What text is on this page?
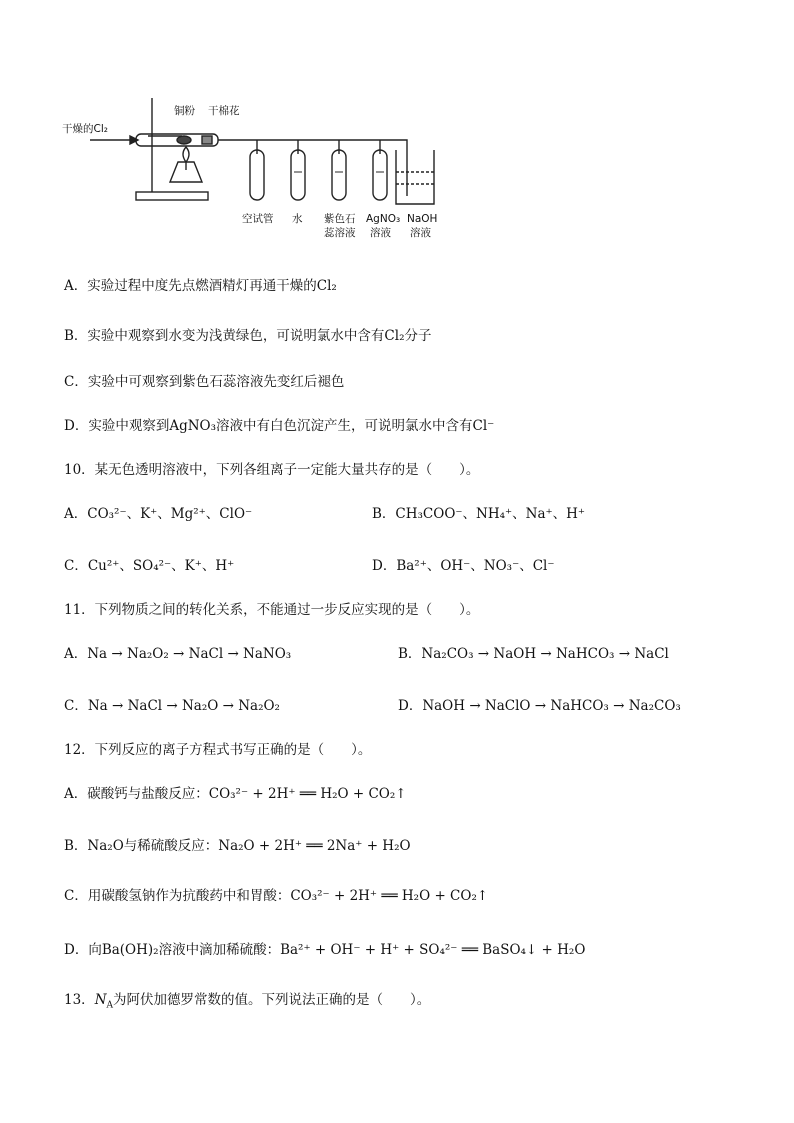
干燥的Cl₂
铜粉 干棉花
空试管 水 紫色石
蕊溶液
AgNO₃
溶液
NaOH
溶液
A．实验过程中度先点燃酒精灯再通干燥的Cl₂
B．实验中观察到水变为浅黄绿色，可说明氯水中含有Cl₂分子
C．实验中可观察到紫色石蕊溶液先变红后褪色
D．实验中观察到AgNO₃溶液中有白色沉淀产生，可说明氯水中含有Cl⁻
10．某无色透明溶液中，下列各组离子一定能大量共存的是（　　）。
A．CO₃²⁻、K⁺、Mg²⁺、ClO⁻	B．CH₃COO⁻、NH₄⁺、Na⁺、H⁺
C．Cu²⁺、SO₄²⁻、K⁺、H⁺	D．Ba²⁺、OH⁻、NO₃⁻、Cl⁻
11．下列物质之间的转化关系，不能通过一步反应实现的是（　　）。
A．Na → Na₂O₂ → NaCl → NaNO₃	B．Na₂CO₃ → NaOH → NaHCO₃ → NaCl
C．Na → NaCl → Na₂O → Na₂O₂	D．NaOH → NaClO → NaHCO₃ → Na₂CO₃
12．下列反应的离子方程式书写正确的是（　　）。
A．碳酸钙与盐酸反应：CO₃²⁻ + 2H⁺ ══ H₂O + CO₂↑
B．Na₂O与稀硫酸反应：Na₂O + 2H⁺ ══ 2Na⁺ + H₂O
C．用碳酸氢钠作为抗酸药中和胃酸：CO₃²⁻ + 2H⁺ ══ H₂O + CO₂↑
D．向Ba(OH)₂溶液中滴加稀硫酸：Ba²⁺ + OH⁻ + H⁺ + SO₄²⁻ ══ BaSO₄↓ + H₂O
13．$N_A$为阿伏加德罗常数的值。下列说法正确的是（　　）。
